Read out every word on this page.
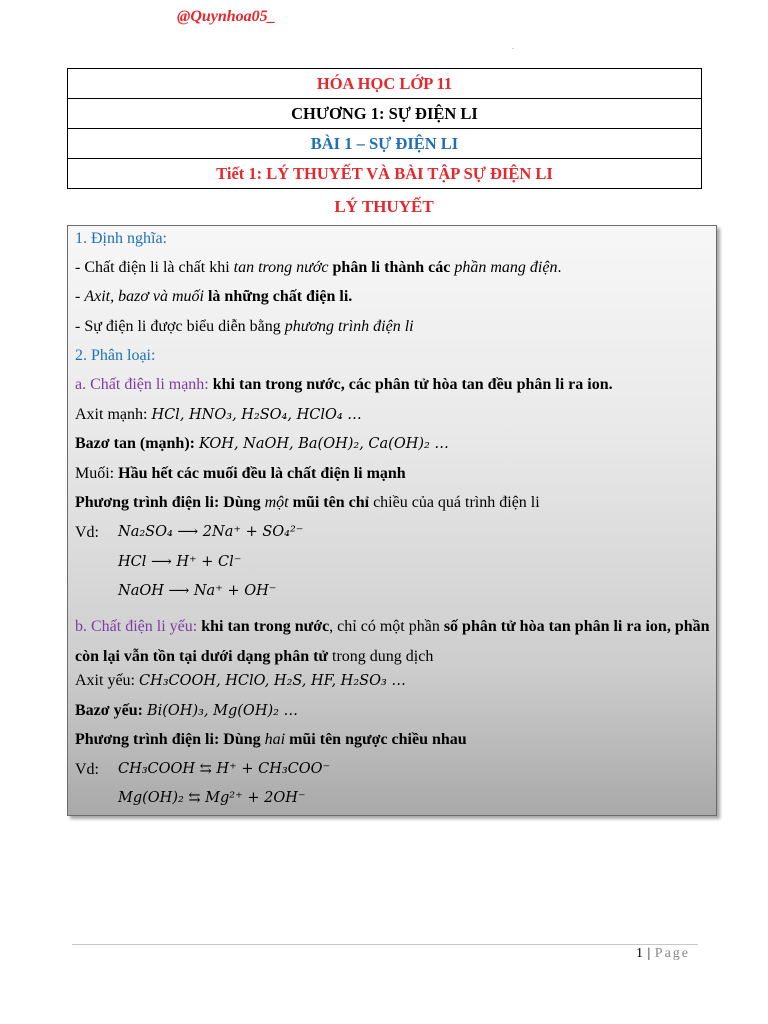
@Quynhoa05_
.
HÓA HỌC LỚP 11
CHƯƠNG 1: SỰ ĐIỆN LI
BÀI 1 – SỰ ĐIỆN LI
Tiết 1: LÝ THUYẾT VÀ BÀI TẬP SỰ ĐIỆN LI
LÝ THUYẾT
1. Định nghĩa:
- Chất điện li là chất khi tan trong nước phân li thành các phần mang điện.
- Axit, bazơ và muối là những chất điện li.
- Sự điện li được biểu diễn bằng phương trình điện li
2. Phân loại:
a. Chất điện li mạnh: khi tan trong nước, các phân tử hòa tan đều phân li ra ion.
Axit mạnh: HCl, HNO₃, H₂SO₄, HClO₄ …
Bazơ tan (mạnh): KOH, NaOH, Ba(OH)₂, Ca(OH)₂ …
Muối: Hầu hết các muối đều là chất điện li mạnh
Phương trình điện li: Dùng một mũi tên chỉ chiều của quá trình điện li
Vd:	Na₂SO₄ ⟶ 2Na⁺ + SO₄²⁻
HCl ⟶ H⁺ + Cl⁻
NaOH ⟶ Na⁺ + OH⁻
b. Chất điện li yếu: khi tan trong nước, chỉ có một phần số phân tử hòa tan phân li ra ion, phần còn lại vẫn tồn tại dưới dạng phân tử trong dung dịch
Axit yếu: CH₃COOH, HClO, H₂S, HF, H₂SO₃ …
Bazơ yếu: Bi(OH)₃, Mg(OH)₂ …
Phương trình điện li: Dùng hai mũi tên ngược chiều nhau
Vd:	CH₃COOH ⇆ H⁺ + CH₃COO⁻
Mg(OH)₂ ⇆ Mg²⁺ + 2OH⁻
1 | Page
